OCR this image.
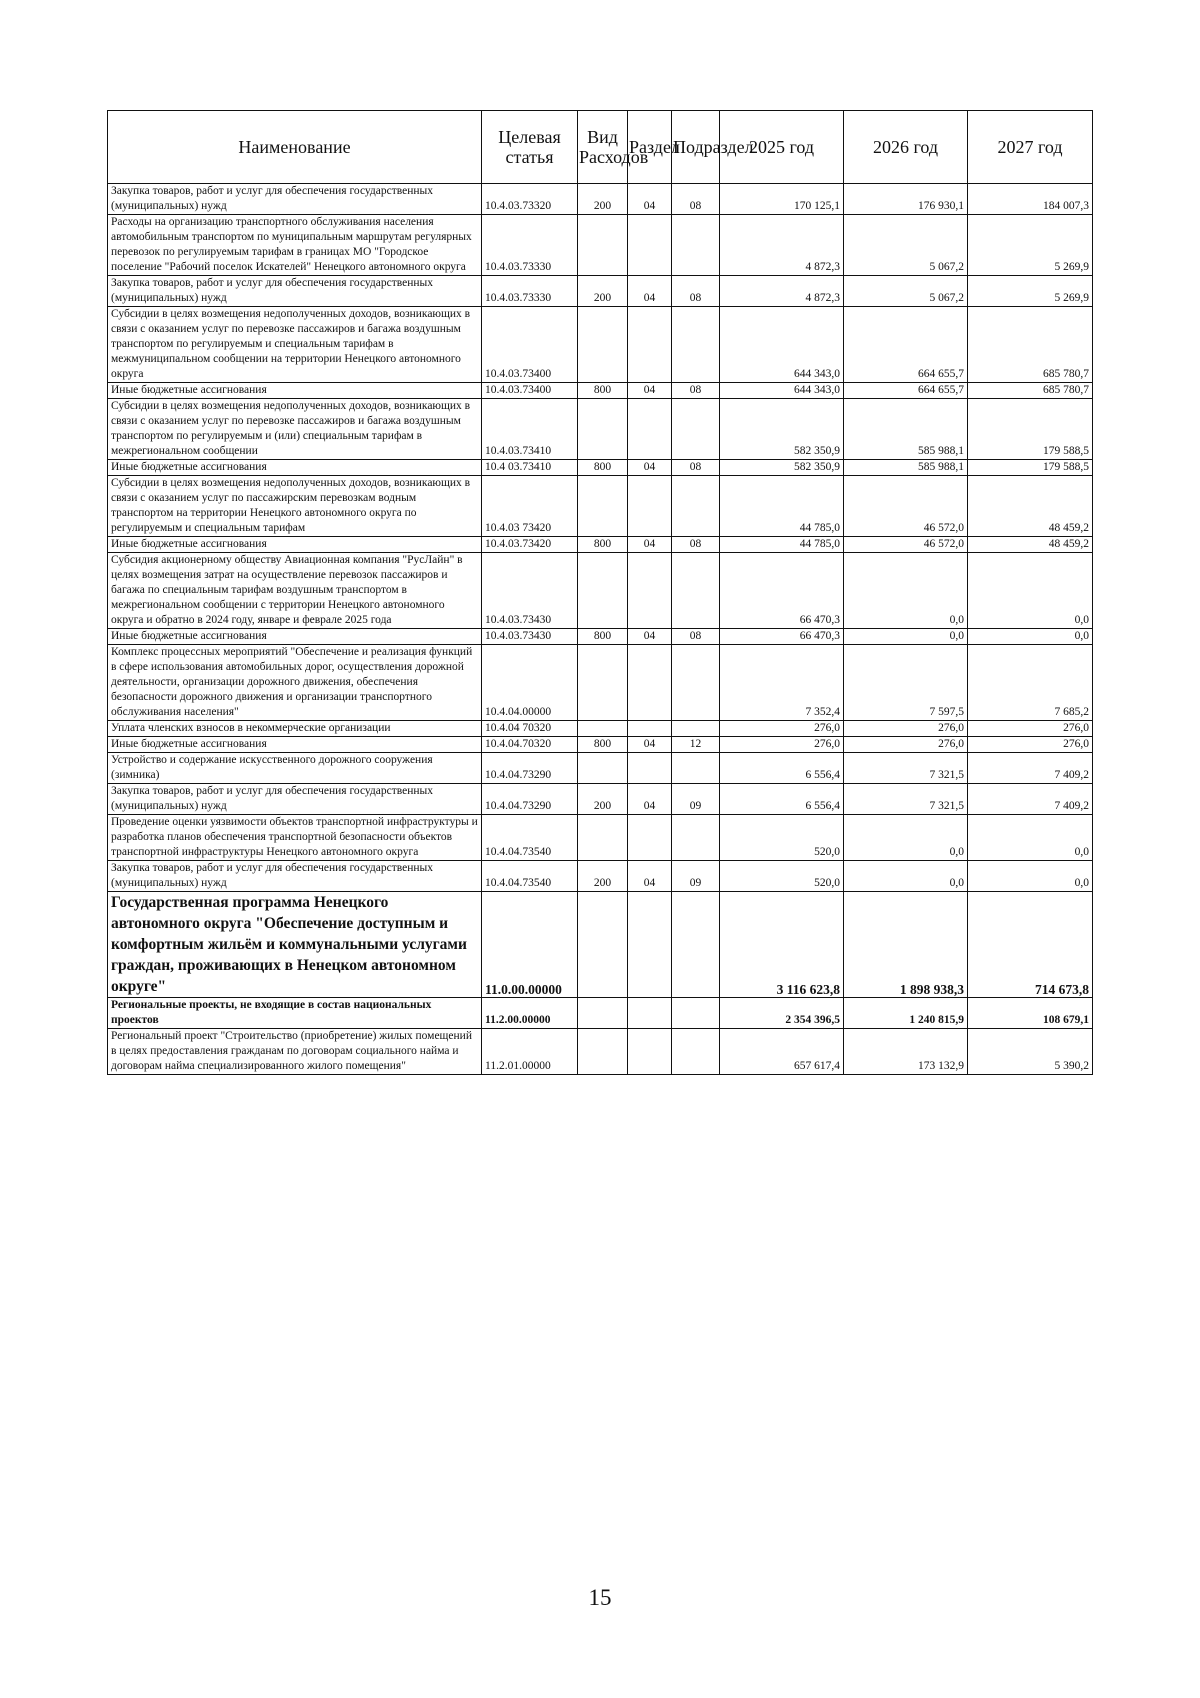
Наименование	Целевая статья	Вид Расходов	Раздел	Подраздел	2025 год	2026 год	2027 год
Закупка товаров, работ и услуг для обеспечения государственных (муниципальных) нужд	10.4.03.73320	200	04	08	170 125,1	176 930,1	184 007,3
Расходы на организацию транспортного обслуживания населения автомобильным транспортом по муниципальным маршрутам регулярных перевозок по регулируемым тарифам в границах МО "Городское поселение "Рабочий поселок Искателей" Ненецкого автономного округа	10.4.03.73330				4 872,3	5 067,2	5 269,9
Закупка товаров, работ и услуг для обеспечения государственных (муниципальных) нужд	10.4.03.73330	200	04	08	4 872,3	5 067,2	5 269,9
Субсидии в целях возмещения недополученных доходов, возникающих в связи с оказанием услуг по перевозке пассажиров и багажа воздушным транспортом по регулируемым и специальным тарифам в межмуниципальном сообщении на территории Ненецкого автономного округа	10.4.03.73400				644 343,0	664 655,7	685 780,7
Иные бюджетные ассигнования	10.4.03.73400	800	04	08	644 343,0	664 655,7	685 780,7
Субсидии в целях возмещения недополученных доходов, возникающих в связи с оказанием услуг по перевозке пассажиров и багажа воздушным транспортом по регулируемым и (или) специальным тарифам в межрегиональном сообщении	10.4.03.73410				582 350,9	585 988,1	179 588,5
Иные бюджетные ассигнования	10.4 03.73410	800	04	08	582 350,9	585 988,1	179 588,5
Субсидии в целях возмещения недополученных доходов, возникающих в связи с оказанием услуг по пассажирским перевозкам водным транспортом на территории Ненецкого автономного округа по регулируемым и специальным тарифам	10.4.03 73420				44 785,0	46 572,0	48 459,2
Иные бюджетные ассигнования	10.4.03.73420	800	04	08	44 785,0	46 572,0	48 459,2
Субсидия акционерному обществу Авиационная компания "РусЛайн" в целях возмещения затрат на осуществление перевозок пассажиров и багажа по специальным тарифам воздушным транспортом в межрегиональном сообщении с территории Ненецкого автономного округа и обратно в 2024 году, январе и феврале 2025 года	10.4.03.73430				66 470,3	0,0	0,0
Иные бюджетные ассигнования	10.4.03.73430	800	04	08	66 470,3	0,0	0,0
Комплекс процессных мероприятий "Обеспечение и реализация функций в сфере использования автомобильных дорог, осуществления дорожной деятельности, организации дорожного движения, обеспечения безопасности дорожного движения и организации транспортного обслуживания населения"	10.4.04.00000				7 352,4	7 597,5	7 685,2
Уплата членских взносов в некоммерческие организации	10.4.04 70320				276,0	276,0	276,0
Иные бюджетные ассигнования	10.4.04.70320	800	04	12	276,0	276,0	276,0
Устройство и содержание искусственного дорожного сооружения (зимника)	10.4.04.73290				6 556,4	7 321,5	7 409,2
Закупка товаров, работ и услуг для обеспечения государственных (муниципальных) нужд	10.4.04.73290	200	04	09	6 556,4	7 321,5	7 409,2
Проведение оценки уязвимости объектов транспортной инфраструктуры и разработка планов обеспечения транспортной безопасности объектов транспортной инфраструктуры Ненецкого автономного округа	10.4.04.73540				520,0	0,0	0,0
Закупка товаров, работ и услуг для обеспечения государственных (муниципальных) нужд	10.4.04.73540	200	04	09	520,0	0,0	0,0
Государственная программа Ненецкого автономного округа "Обеспечение доступным и комфортным жильём и коммунальными услугами граждан, проживающих в Ненецком автономном округе"	11.0.00.00000				3 116 623,8	1 898 938,3	714 673,8
Региональные проекты, не входящие в состав национальных проектов	11.2.00.00000				2 354 396,5	1 240 815,9	108 679,1
Региональный проект "Строительство (приобретение) жилых помещений в целях предоставления гражданам по договорам социального найма и договорам найма специализированного жилого помещения"	11.2.01.00000				657 617,4	173 132,9	5 390,2
15
